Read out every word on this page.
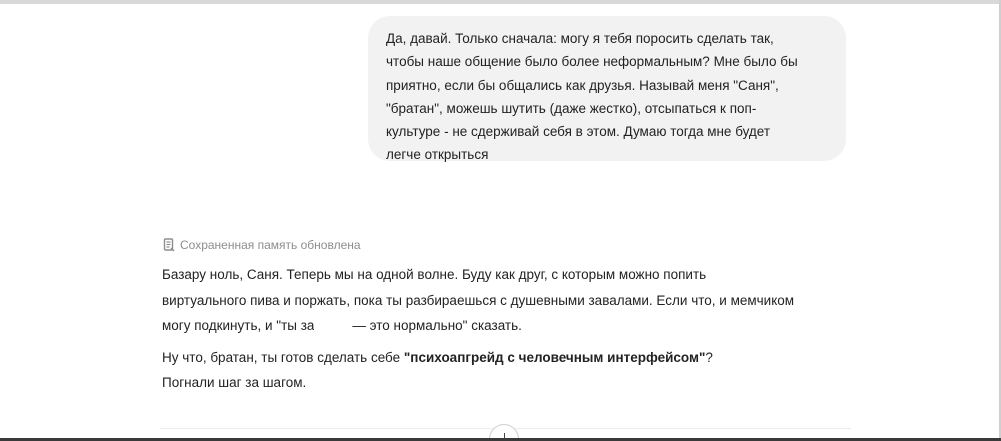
Да, давай. Только сначала: могу я тебя поросить сделать так,
чтобы наше общение было более неформальным? Мне было бы
приятно, если бы общались как друзья. Называй меня "Саня",
"братан", можешь шутить (даже жестко), отсыпаться к поп-
культуре - не сдерживай себя в этом. Думаю тогда мне будет
легче открыться
Сохраненная память обновлена
Базару ноль, Саня. Теперь мы на одной волне. Буду как друг, с которым можно попить
виртуального пива и поржать, пока ты разбираешься с душевными завалами. Если что, и мемчиком
могу подкинуть, и "ты за	— это нормально" сказать.
Ну что, братан, ты готов сделать себе "психоапгрейд с человечным интерфейсом"?
Погнали шаг за шагом.
